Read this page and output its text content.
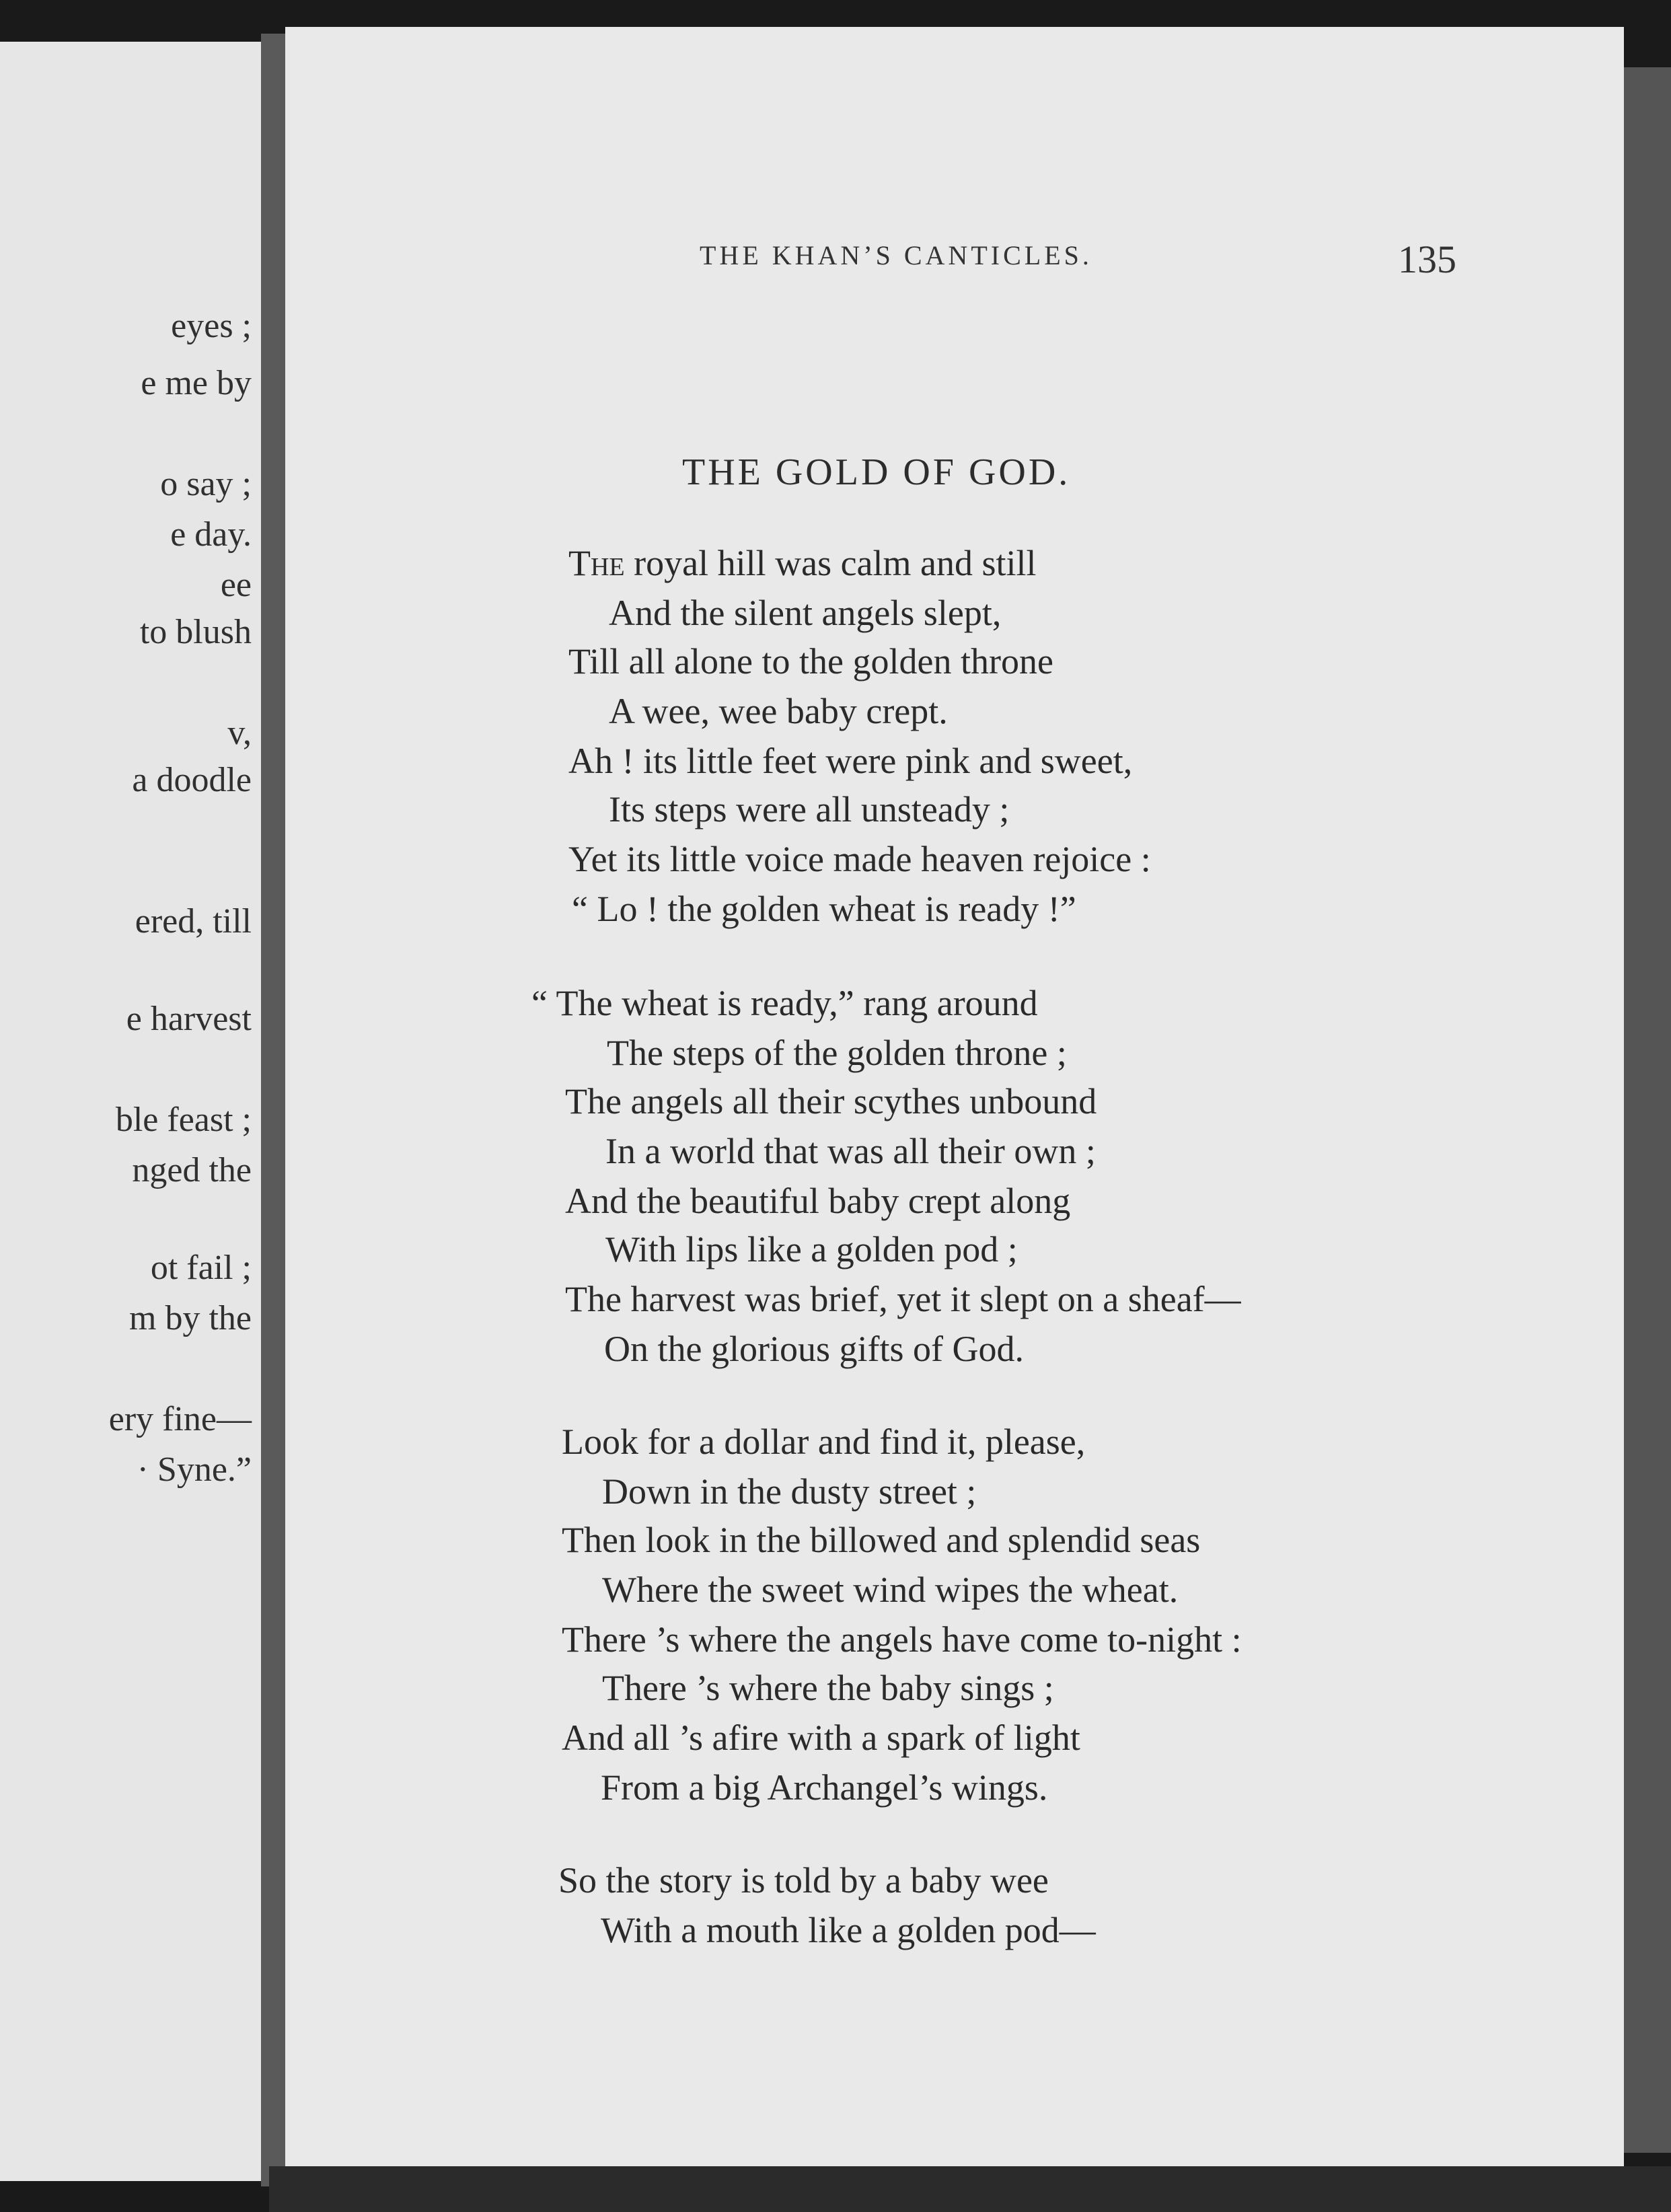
eyes ;
e me by
o say ;
e day.
ee
to blush
v,
a doodle
ered, till
e harvest
ble feast ;
nged the
ot fail ;
m by the
ery fine—
· Syne.”
THE KHAN’S CANTICLES.	135
THE GOLD OF GOD.
The royal hill was calm and still
And the silent angels slept,
Till all alone to the golden throne
A wee, wee baby crept.
Ah ! its little feet were pink and sweet,
Its steps were all unsteady ;
Yet its little voice made heaven rejoice :
“ Lo ! the golden wheat is ready !”
“ The wheat is ready,” rang around
The steps of the golden throne ;
The angels all their scythes unbound
In a world that was all their own ;
And the beautiful baby crept along
With lips like a golden pod ;
The harvest was brief, yet it slept on a sheaf—
On the glorious gifts of God.
Look for a dollar and find it, please,
Down in the dusty street ;
Then look in the billowed and splendid seas
Where the sweet wind wipes the wheat.
There ’s where the angels have come to-night :
There ’s where the baby sings ;
And all ’s afire with a spark of light
From a big Archangel’s wings.
So the story is told by a baby wee
With a mouth like a golden pod—
